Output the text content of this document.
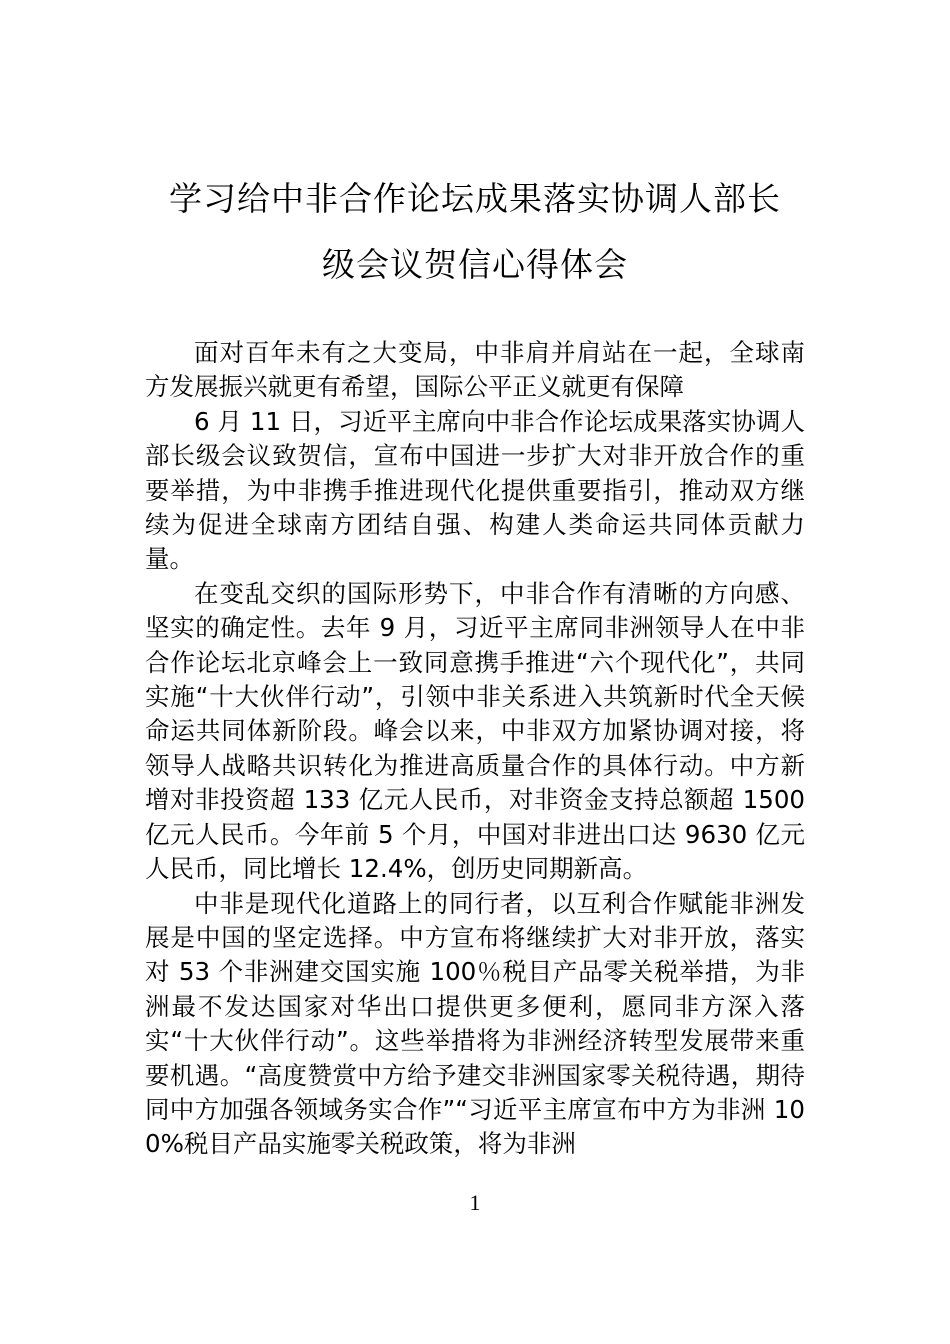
学习给中非合作论坛成果落实协调人部长
级会议贺信心得体会

面对百年未有之大变局，中非肩并肩站在一起，全球南方发展振兴就更有希望，国际公平正义就更有保障

6 月 11 日，习近平主席向中非合作论坛成果落实协调人部长级会议致贺信，宣布中国进一步扩大对非开放合作的重要举措，为中非携手推进现代化提供重要指引，推动双方继续为促进全球南方团结自强、构建人类命运共同体贡献力量。

在变乱交织的国际形势下，中非合作有清晰的方向感、坚实的确定性。去年 9 月，习近平主席同非洲领导人在中非合作论坛北京峰会上一致同意携手推进“六个现代化”，共同实施“十大伙伴行动”，引领中非关系进入共筑新时代全天候命运共同体新阶段。峰会以来，中非双方加紧协调对接，将领导人战略共识转化为推进高质量合作的具体行动。中方新增对非投资超 133 亿元人民币，对非资金支持总额超 1500 亿元人民币。今年前 5 个月，中国对非进出口达 9630 亿元人民币，同比增长 12.4%，创历史同期新高。

中非是现代化道路上的同行者，以互利合作赋能非洲发展是中国的坚定选择。中方宣布将继续扩大对非开放，落实对 53 个非洲建交国实施 100％税目产品零关税举措，为非洲最不发达国家对华出口提供更多便利，愿同非方深入落实“十大伙伴行动”。这些举措将为非洲经济转型发展带来重要机遇。“高度赞赏中方给予建交非洲国家零关税待遇，期待同中方加强各领域务实合作”“习近平主席宣布中方为非洲 100%税目产品实施零关税政策，将为非洲

1
